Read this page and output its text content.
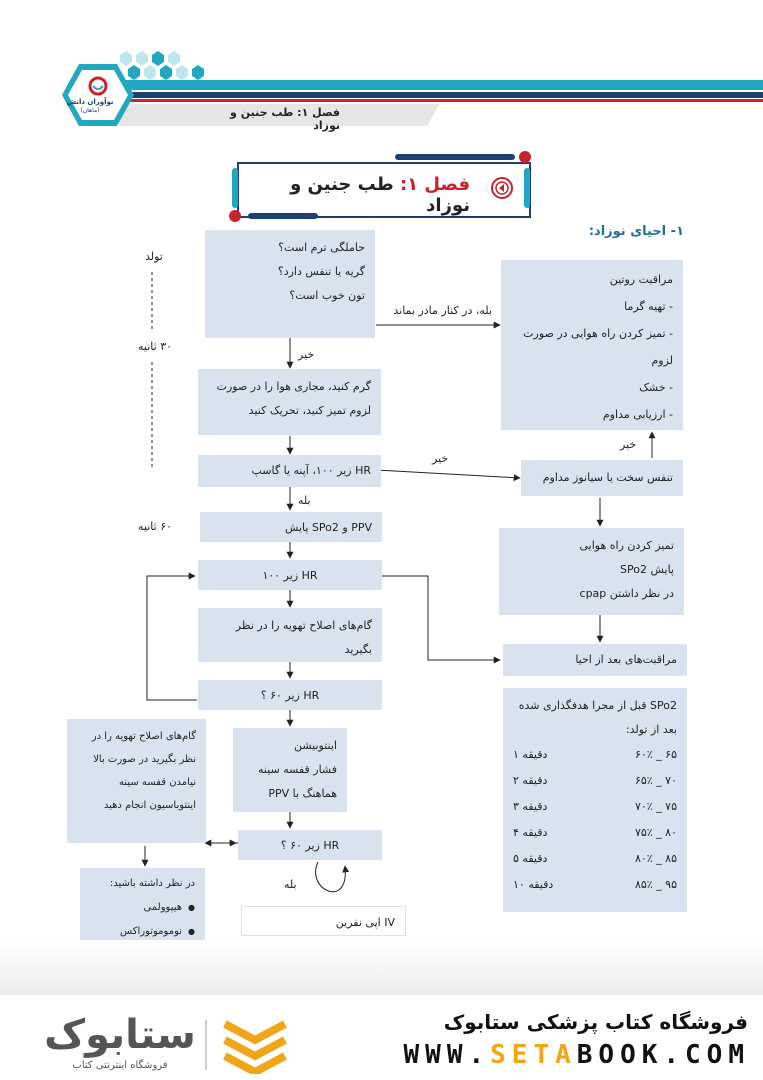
فصل ۱: طب جنین و نوزاد
نوآوران دانش
(ماهان)
فصل ۱: طب جنین و نوزاد
۱- احیای نوزاد:
تولد
۳۰ ثانیه
۶۰ ثانیه
حاملگی ترم است؟
گریه یا تنفس دارد؟
تون خوب است؟
بله، در کنار مادر بماند
خیر
گرم کنید، مجاری هوا را در صورت
لزوم تمیز کنید، تحریک کنید
HR زیر ۱۰۰، آپنه یا گاسپ
خیر
بله
PPV و SPo2 پایش
HR زیر ۱۰۰
گام‌های اصلاح تهویه را در نظر بگیرید
HR زیر ۶۰ ؟
اینتوبیشن
فشار قفسه سینه
هماهنگ با PPV
HR زیر ۶۰ ؟
بله
IV اپی نفرین
گام‌های اصلاح تهویه را در
نظر بگیرید در صورت بالا
نیامدن قفسه سینه
اینتوباسیون انجام دهید
در نظر داشته باشید:
● هیپوولمی
● نوموموتوراکس
مراقبت روتین
- تهیه گرما
- تمیز کردن راه هوایی در صورت
لزوم
- خشک
- ارزیابی مداوم
خیر
تنفس سخت یا سیانوز مداوم
تمیز کردن راه هوایی
پایش SPo2
در نظر داشتن cpap
مراقبت‌های بعد از احیا
SPo2 قبل از مجرا هدفگذاری شده
بعد از تولد:
۶۵ _ ۶۰٪
دقیقه ۱
۷۰ _ ۶۵٪
دقیقه ۲
۷۵ _ ۷۰٪
دقیقه ۳
۸۰ _ ۷۵٪
دقیقه ۴
۸۵ _ ۸۰٪
دقیقه ۵
۹۵ _ ۸۵٪
دقیقه ۱۰
فروشگاه کتاب پزشکی ستابوک
WWW.SETABOOK.COM
ستابوک
فروشگاه اینترنتی کتاب
